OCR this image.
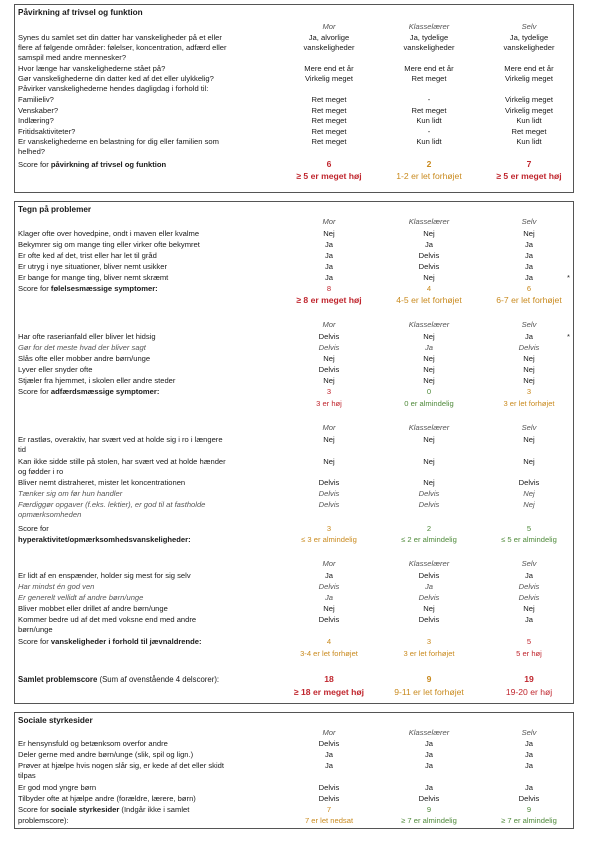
Påvirkning af trivsel og funktion
Mor	Klasselærer	Selv
Synes du samlet set din datter har vanskeligheder på et eller	Ja, alvorlige	Ja, tydelige	Ja, tydelige
flere af følgende områder: følelser, koncentration, adfærd eller	vanskeligheder	vanskeligheder	vanskeligheder
samspil med andre mennesker?
Hvor længe har vanskelighederne stået på?	Mere end et år	Mere end et år	Mere end et år
Gør vanskelighederne din datter ked af det eller ulykkelig?	Virkelig meget	Ret meget	Virkelig meget
Påvirker vanskelighederne hendes dagligdag i forhold til:
Familieliv?	Ret meget	-	Virkelig meget
Venskaber?	Ret meget	Ret meget	Virkelig meget
Indlæring?	Ret meget	Kun lidt	Kun lidt
Fritidsaktiviteter?	Ret meget	-	Ret meget
Er vanskelighederne en belastning for dig eller familien som	Ret meget	Kun lidt	Kun lidt
helhed?
Score for påvirkning af trivsel og funktion	6	2	7
≥ 5 er meget høj	1-2 er let forhøjet	≥ 5 er meget høj
Tegn på problemer
Mor	Klasselærer	Selv
Klager ofte over hovedpine, ondt i maven eller kvalme	Nej	Nej	Nej
Bekymrer sig om mange ting eller virker ofte bekymret	Ja	Ja	Ja
Er ofte ked af det, trist eller har let til gråd	Ja	Delvis	Ja
Er utryg i nye situationer, bliver nemt usikker	Ja	Delvis	Ja
Er bange for mange ting, bliver nemt skræmt	Ja	Nej	Ja	*
Score for følelsesmæssige symptomer:	8	4	6
≥ 8 er meget høj	4-5 er let forhøjet	6-7 er let forhøjet
Mor	Klasselærer	Selv
Har ofte raserianfald eller bliver let hidsig	Delvis	Nej	Ja	*
Gør for det meste hvad der bliver sagt	Delvis	Ja	Delvis
Slås ofte eller mobber andre børn/unge	Nej	Nej	Nej
Lyver eller snyder ofte	Delvis	Nej	Nej
Stjæler fra hjemmet, i skolen eller andre steder	Nej	Nej	Nej
Score for adfærdsmæssige symptomer:	3	0	3
3 er høj	0 er almindelig	3 er let forhøjet
Mor	Klasselærer	Selv
Er rastløs, overaktiv, har svært ved at holde sig i ro i længere	Nej	Nej	Nej
tid
Kan ikke sidde stille på stolen, har svært ved at holde hænder	Nej	Nej	Nej
og fødder i ro
Bliver nemt distraheret, mister let koncentrationen	Delvis	Nej	Delvis
Tænker sig om før hun handler	Delvis	Delvis	Nej
Færdiggør opgaver (f.eks. lektier), er god til at fastholde	Delvis	Delvis	Nej
opmærksomheden
Score for	3	2	5
hyperaktivitet/opmærksomhedsvanskeligheder:	≤ 3 er almindelig	≤ 2 er almindelig	≤ 5 er almindelig
Mor	Klasselærer	Selv
Er lidt af en enspænder, holder sig mest for sig selv	Ja	Delvis	Ja
Har mindst én god ven	Delvis	Ja	Delvis
Er generelt vellidt af andre børn/unge	Ja	Delvis	Delvis
Bliver mobbet eller drillet af andre børn/unge	Nej	Nej	Nej
Kommer bedre ud af det med voksne end med andre	Delvis	Delvis	Ja
børn/unge
Score for vanskeligheder i forhold til jævnaldrende:	4	3	5
3-4 er let forhøjet	3 er let forhøjet	5 er høj
Samlet problemscore (Sum af ovenstående 4 delscorer):	18	9	19
≥ 18 er meget høj	9-11 er let forhøjet	19-20 er høj
Sociale styrkesider
Mor	Klasselærer	Selv
Er hensynsfuld og betænksom overfor andre	Delvis	Ja	Ja
Deler gerne med andre børn/unge (slik, spil og lign.)	Ja	Ja	Ja
Prøver at hjælpe hvis nogen slår sig, er kede af det eller skidt	Ja	Ja	Ja
tilpas
Er god mod yngre børn	Delvis	Ja	Ja
Tilbyder ofte at hjælpe andre (forældre, lærere, børn)	Delvis	Delvis	Delvis
Score for sociale styrkesider (Indgår ikke i samlet	7	9	9
problemscore):	7 er let nedsat	≥ 7 er almindelig	≥ 7 er almindelig
